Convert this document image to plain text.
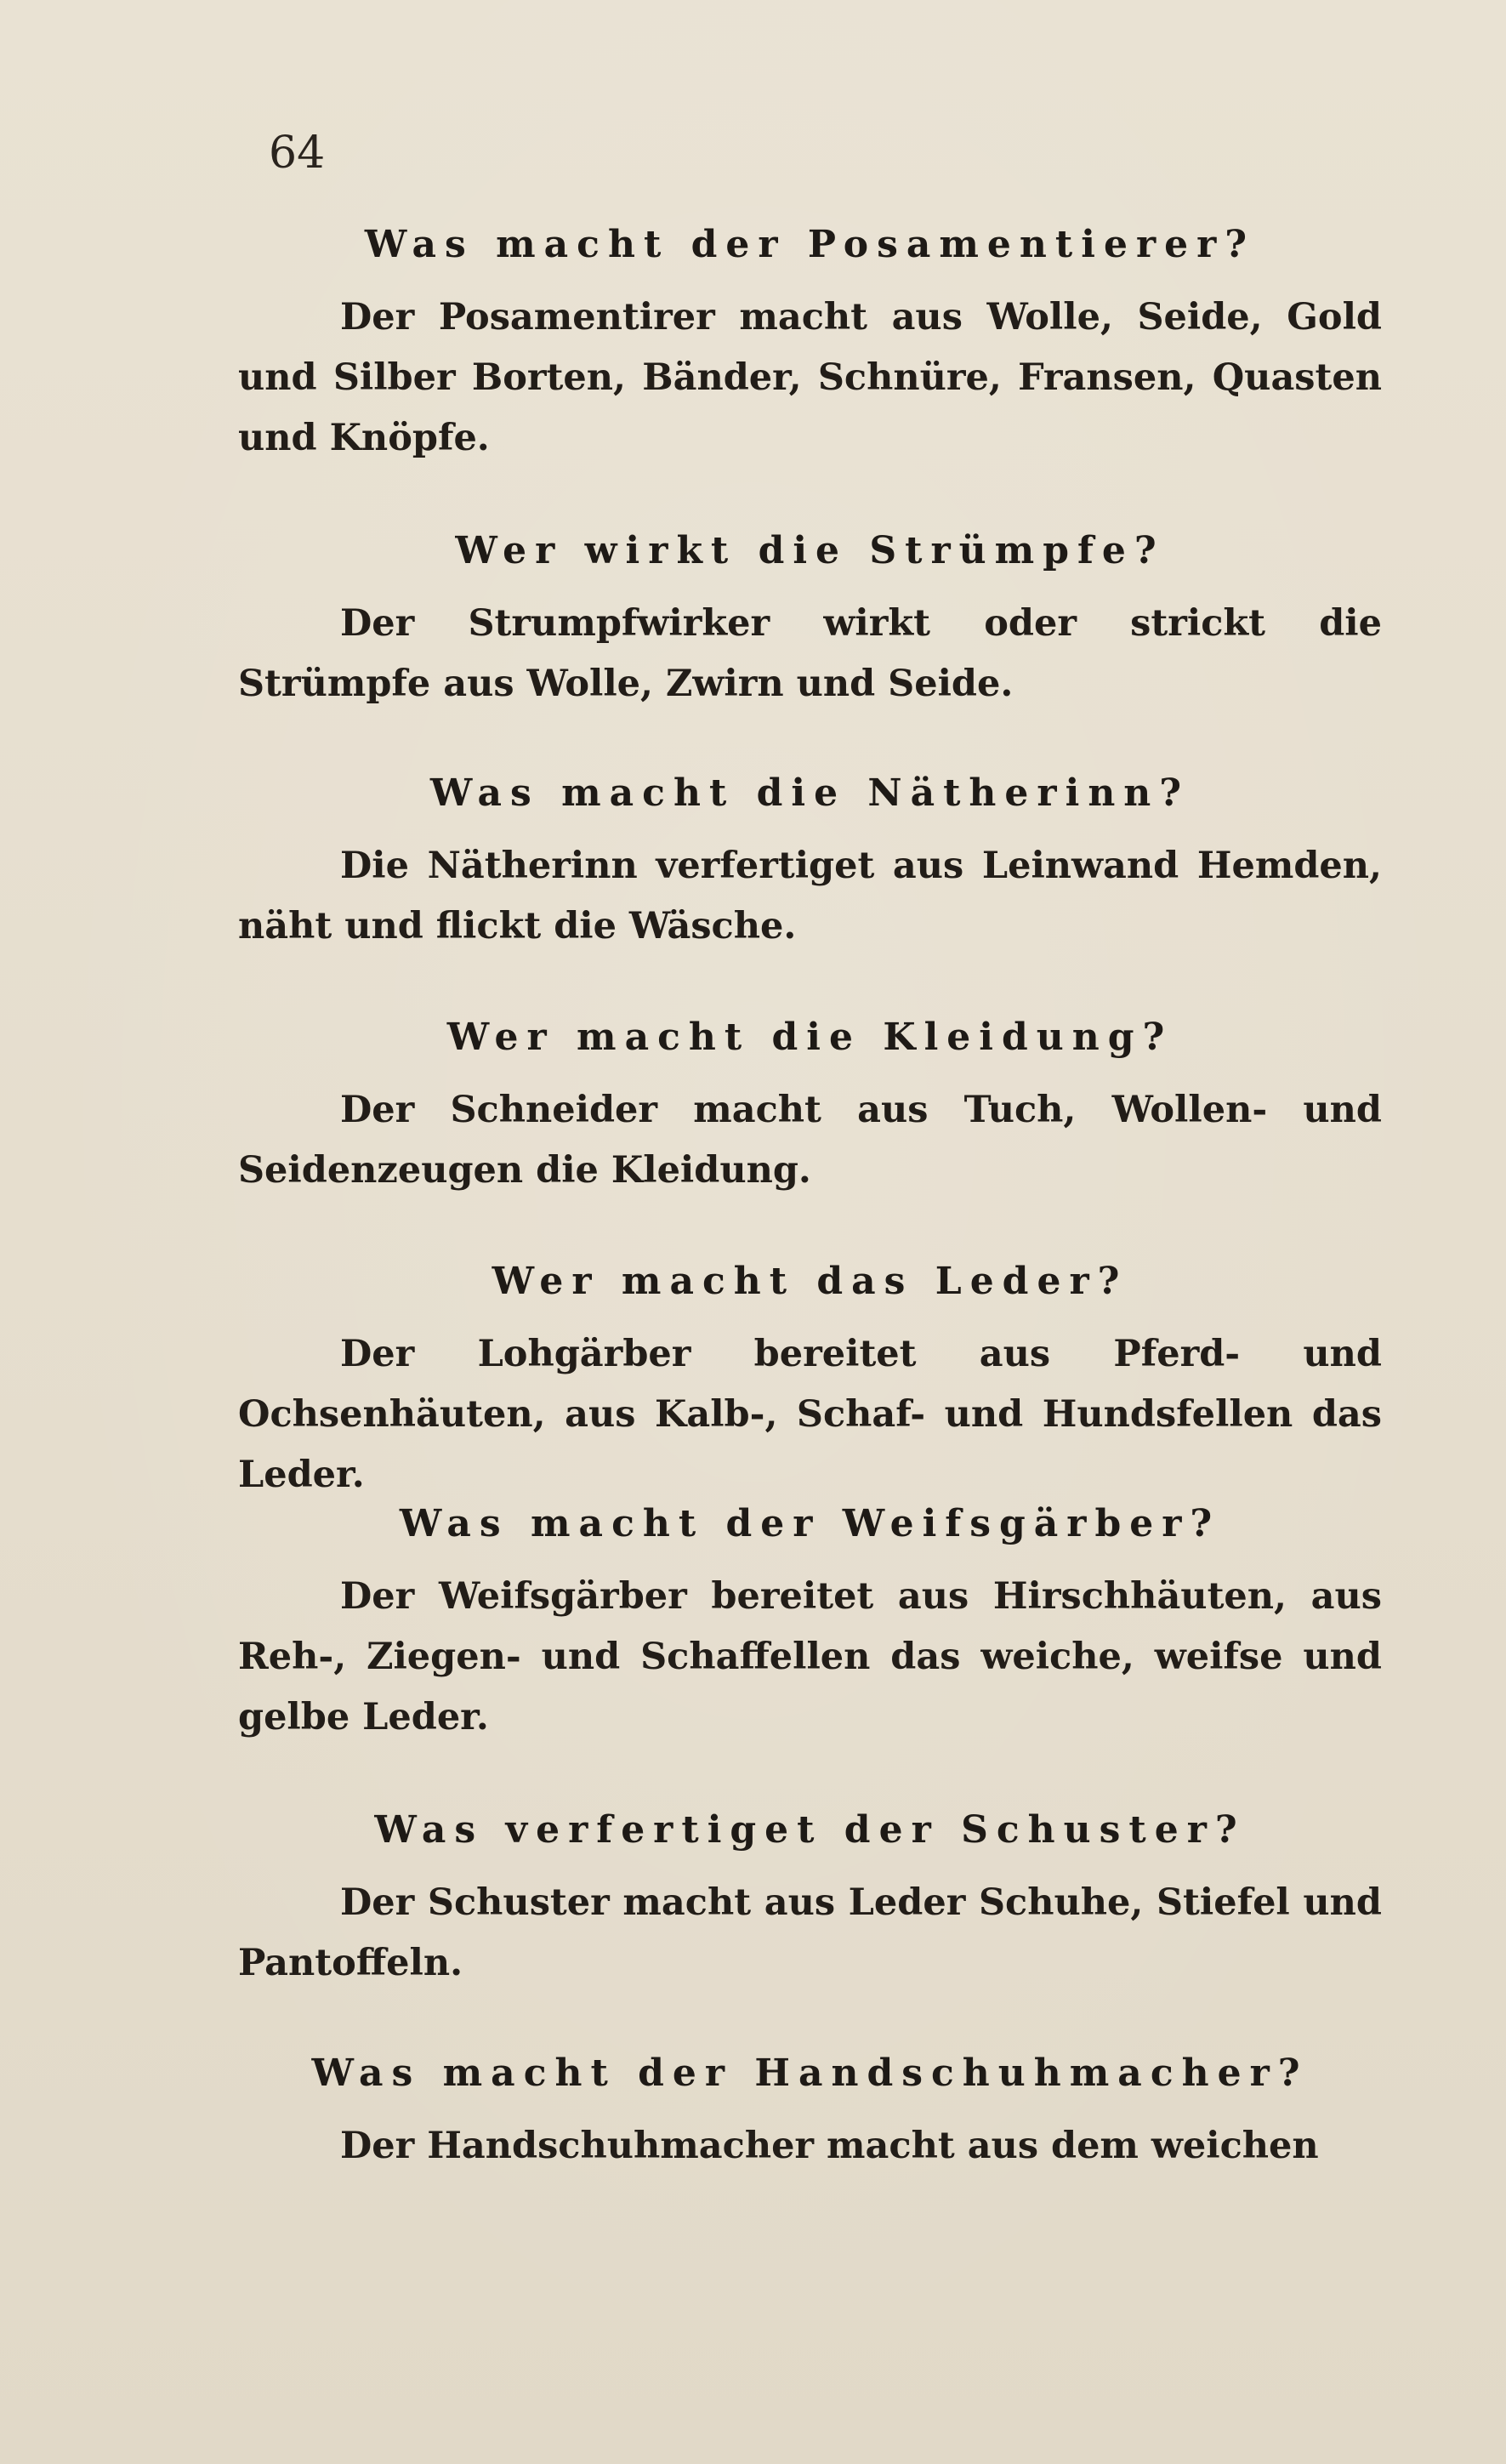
64

Was macht der Posamentierer?

Der Posamentirer macht aus Wolle, Seide, Gold und Silber Borten, Bänder, Schnüre, Fransen, Quasten und Knöpfe.

Wer wirkt die Strümpfe?

Der Strumpfwirker wirkt oder strickt die Strümpfe aus Wolle, Zwirn und Seide.

Was macht die Nätherinn?

Die Nätherinn verfertiget aus Leinwand Hemden, näht und flickt die Wäsche.

Wer macht die Kleidung?

Der Schneider macht aus Tuch, Wollen- und Seidenzeugen die Kleidung.

Wer macht das Leder?

Der Lohgärber bereitet aus Pferd- und Ochsenhäuten, aus Kalb-, Schaf- und Hundsfellen das Leder.

Was macht der Weifsgärber?

Der Weifsgärber bereitet aus Hirschhäuten, aus Reh-, Ziegen- und Schaffellen das weiche, weifse und gelbe Leder.

Was verfertiget der Schuster?

Der Schuster macht aus Leder Schuhe, Stiefel und Pantoffeln.

Was macht der Handschuhmacher?

Der Handschuhmacher macht aus dem weichen
